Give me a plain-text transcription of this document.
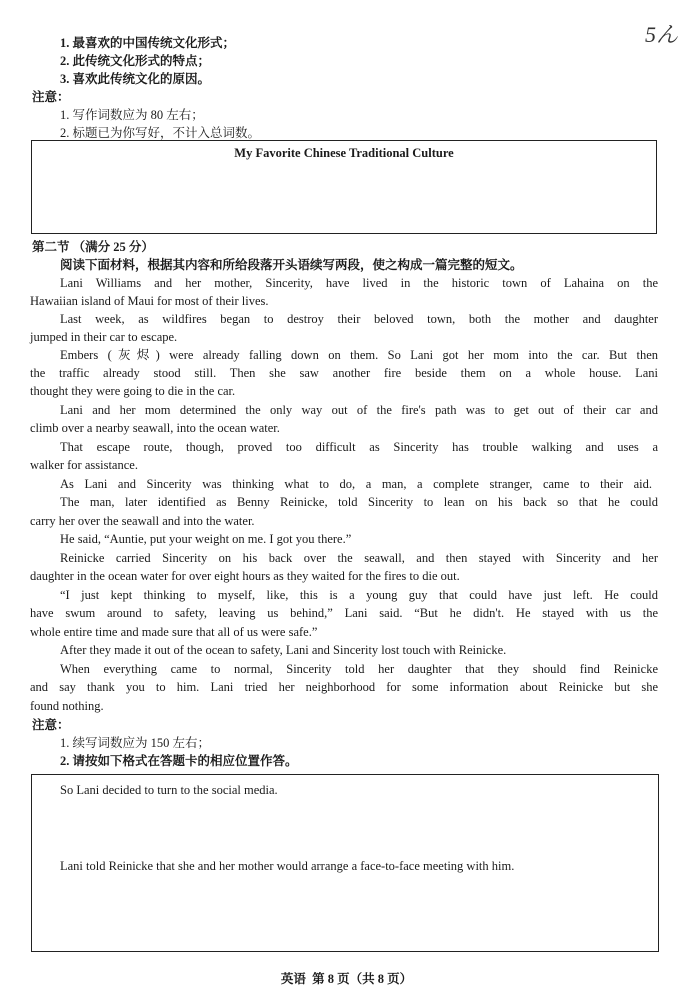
5ん
1. 最喜欢的中国传统文化形式；
2. 此传统文化形式的特点；
3. 喜欢此传统文化的原因。
注意：
1. 写作词数应为 80 左右；
2. 标题已为你写好，不计入总词数。
My Favorite Chinese Traditional Culture
第二节 （满分 25 分）
阅读下面材料，根据其内容和所给段落开头语续写两段，使之构成一篇完整的短文。
Lani Williams and her mother, Sincerity, have lived in the historic town of Lahaina on the
Hawaiian island of Maui for most of their lives.
Last week, as wildfires began to destroy their beloved town, both the mother and daughter
jumped in their car to escape.
Embers (灰烬) were already falling down on them. So Lani got her mom into the car. But then
the traffic already stood still. Then she saw another fire beside them on a whole house. Lani
thought they were going to die in the car.
Lani and her mom determined the only way out of the fire's path was to get out of their car and
climb over a nearby seawall, into the ocean water.
That escape route, though, proved too difficult as Sincerity has trouble walking and uses a
walker for assistance.
As Lani and Sincerity was thinking what to do, a man, a complete stranger, came to their aid.
The man, later identified as Benny Reinicke, told Sincerity to lean on his back so that he could
carry her over the seawall and into the water.
He said, “Auntie, put your weight on me. I got you there.”
Reinicke carried Sincerity on his back over the seawall, and then stayed with Sincerity and her
daughter in the ocean water for over eight hours as they waited for the fires to die out.
“I just kept thinking to myself, like, this is a young guy that could have just left. He could
have swum around to safety, leaving us behind,” Lani said. “But he didn't. He stayed with us the
whole entire time and made sure that all of us were safe.”
After they made it out of the ocean to safety, Lani and Sincerity lost touch with Reinicke.
When everything came to normal, Sincerity told her daughter that they should find Reinicke
and say thank you to him. Lani tried her neighborhood for some information about Reinicke but she
found nothing.
注意：
1. 续写词数应为 150 左右；
2. 请按如下格式在答题卡的相应位置作答。
So Lani decided to turn to the social media.
Lani told Reinicke that she and her mother would arrange a face-to-face meeting with him.
英语  第 8 页（共 8 页）
